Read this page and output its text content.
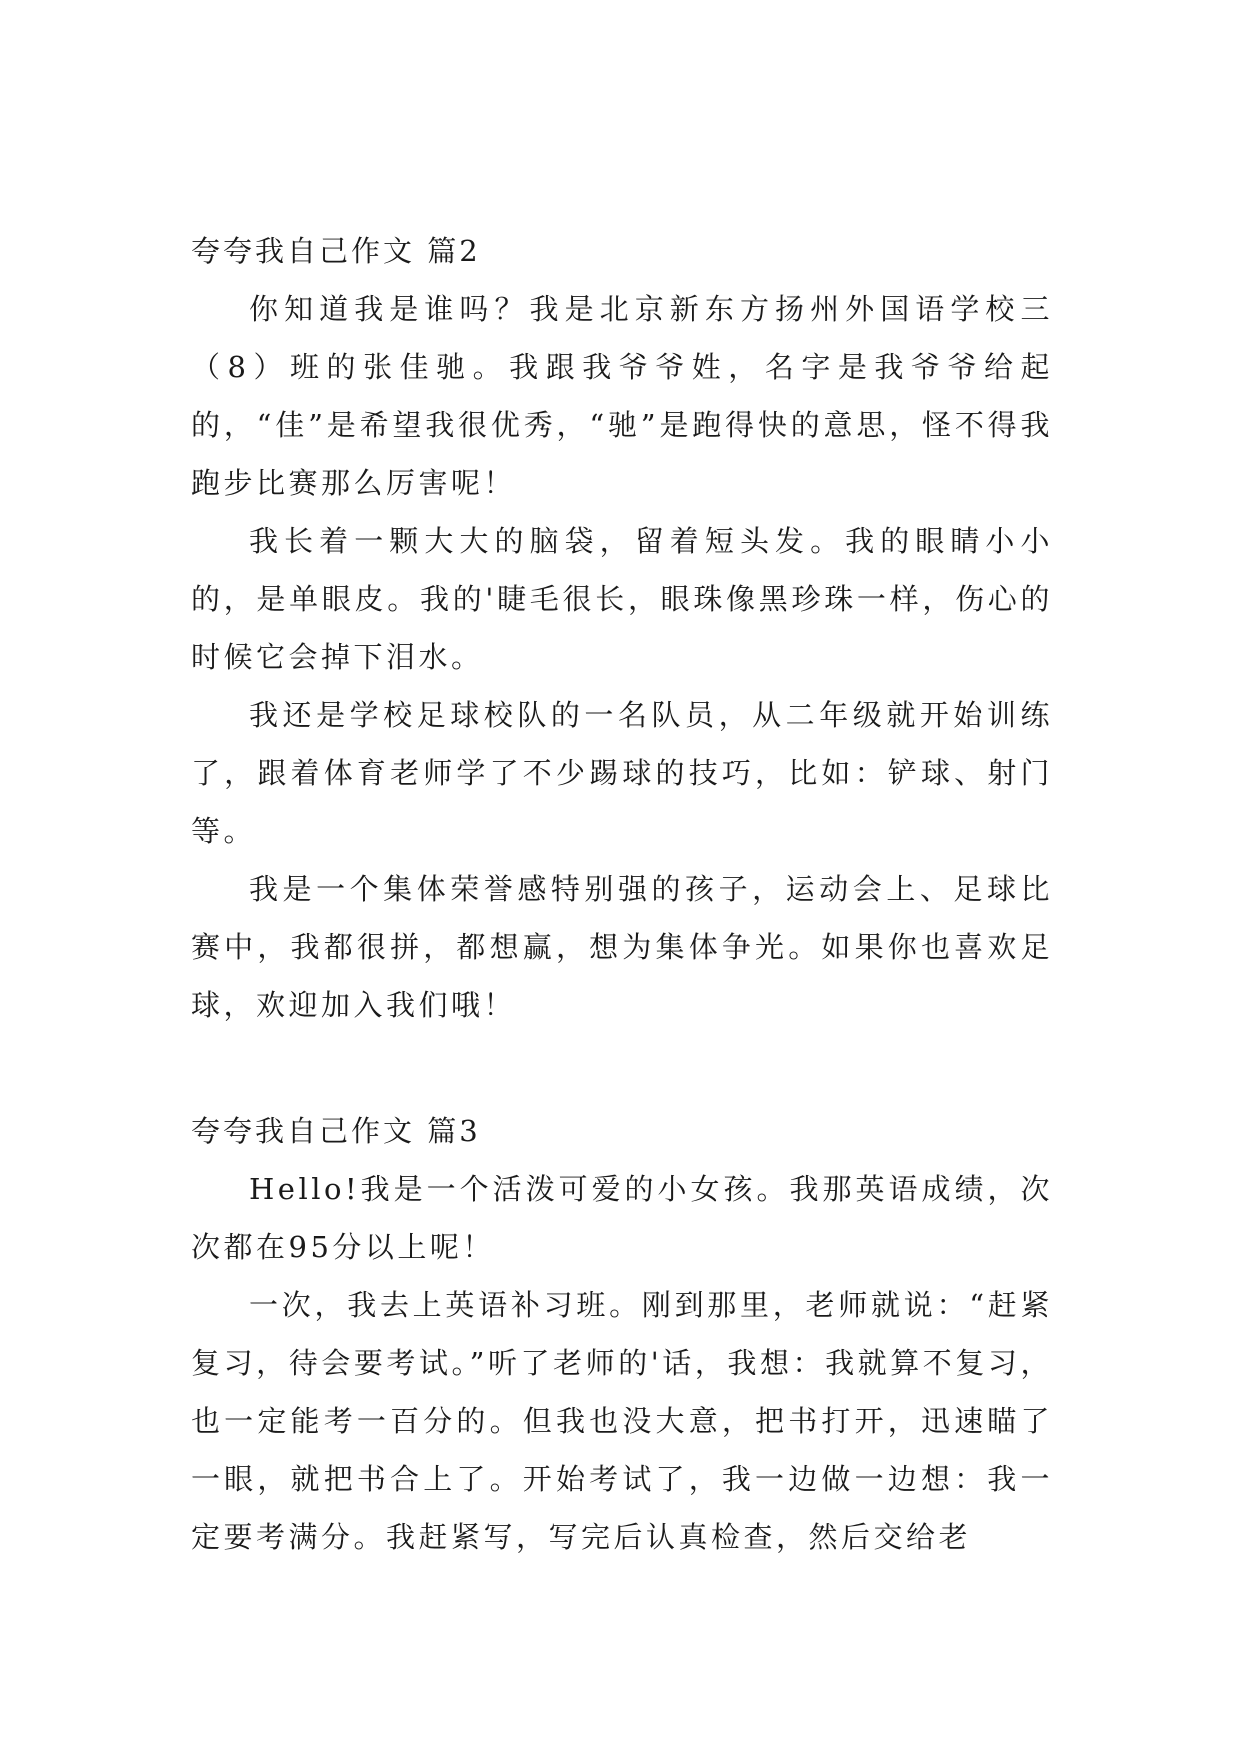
夸夸我自己作文 篇2

你知道我是谁吗？我是北京新东方扬州外国语学校三（8）班的张佳驰。我跟我爷爷姓，名字是我爷爷给起的，“佳”是希望我很优秀，“驰”是跑得快的意思，怪不得我跑步比赛那么厉害呢！

我长着一颗大大的脑袋，留着短头发。我的眼睛小小的，是单眼皮。我的'睫毛很长，眼珠像黑珍珠一样，伤心的时候它会掉下泪水。

我还是学校足球校队的一名队员，从二年级就开始训练了，跟着体育老师学了不少踢球的技巧，比如：铲球、射门等。

我是一个集体荣誉感特别强的孩子，运动会上、足球比赛中，我都很拼，都想赢，想为集体争光。如果你也喜欢足球，欢迎加入我们哦！

夸夸我自己作文 篇3

Hello!我是一个活泼可爱的小女孩。我那英语成绩，次次都在95分以上呢！

一次，我去上英语补习班。刚到那里，老师就说：“赶紧复习，待会要考试。”听了老师的'话，我想：我就算不复习，也一定能考一百分的。但我也没大意，把书打开，迅速瞄了一眼，就把书合上了。开始考试了，我一边做一边想：我一定要考满分。我赶紧写，写完后认真检查，然后交给老
